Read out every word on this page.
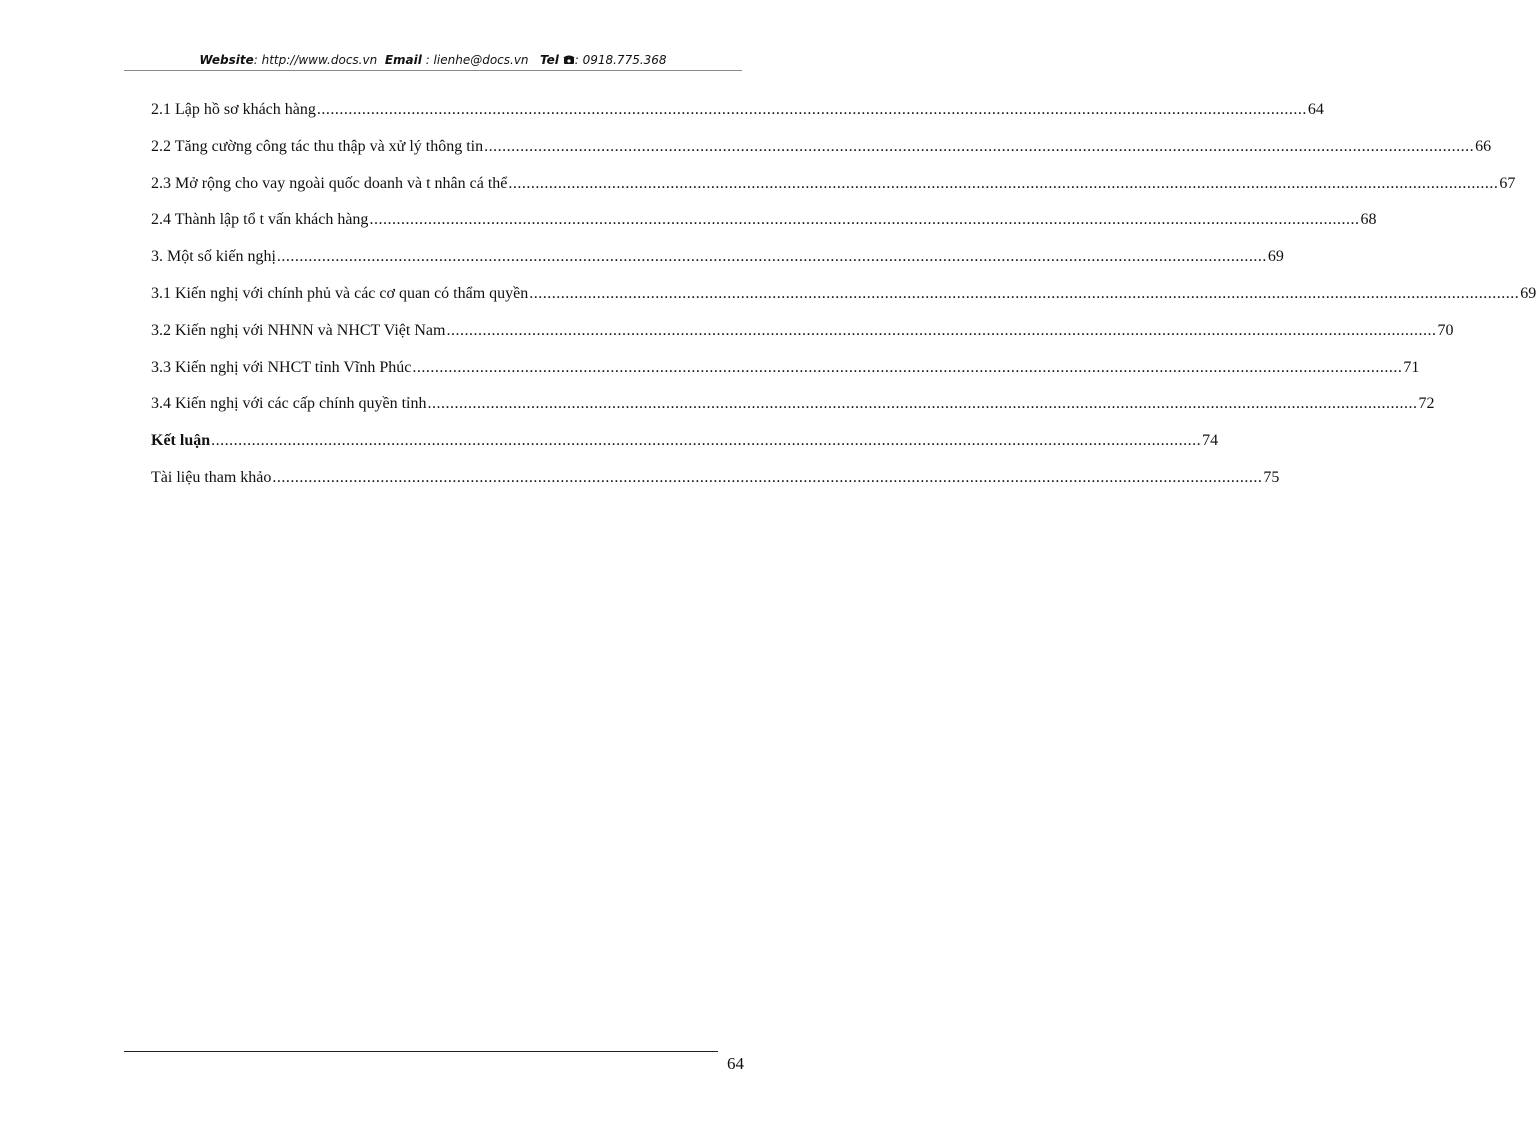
Website: http://www.docs.vn Email : lienhe@docs.vn Tel : 0918.775.368
2.1 Lập hồ sơ khách hàng ............................................................................................................................................................................................................................ 64
2.2 Tăng cường công tác thu thập và xử lý thông tin ............................................................................................................................................................................................................................ 66
2.3 Mở rộng cho vay ngoài quốc doanh và t nhân cá thể ............................................................................................................................................................................................................................ 67
2.4 Thành lập tổ t vấn khách hàng ............................................................................................................................................................................................................................ 68
3. Một số kiến nghị ............................................................................................................................................................................................................................ 69
3.1 Kiến nghị với chính phủ và các cơ quan có thẩm quyền ............................................................................................................................................................................................................................ 69
3.2 Kiến nghị với NHNN và NHCT Việt Nam ............................................................................................................................................................................................................................ 70
3.3 Kiến nghị với NHCT tỉnh Vĩnh Phúc ............................................................................................................................................................................................................................ 71
3.4 Kiến nghị với các cấp chính quyền tỉnh ............................................................................................................................................................................................................................ 72
Kết luận ............................................................................................................................................................................................................................ 74
Tài liệu tham khảo ............................................................................................................................................................................................................................ 75
64
